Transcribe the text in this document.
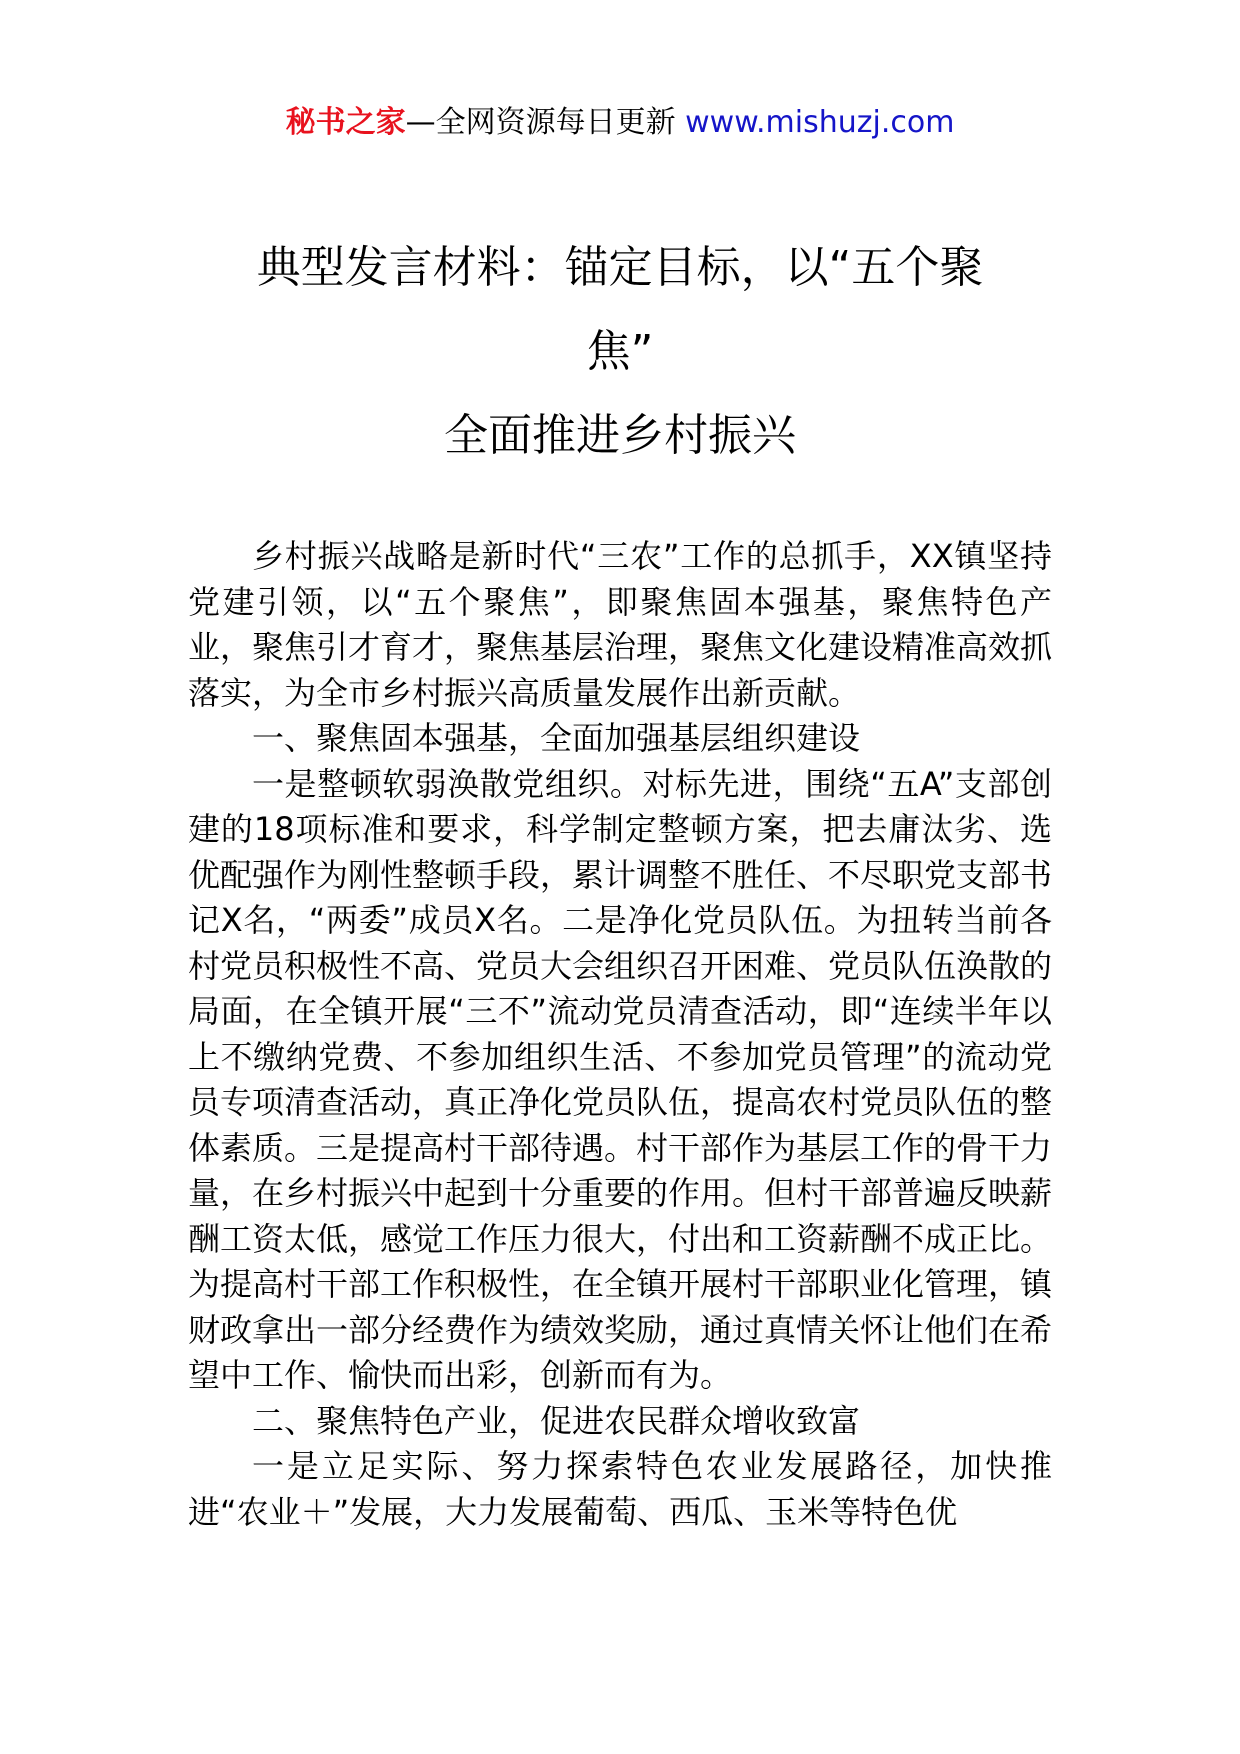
秘书之家—全网资源每日更新 www.mishuzj.com
典型发言材料：锚定目标，以“五个聚
焦”
全面推进乡村振兴

乡村振兴战略是新时代“三农”工作的总抓手，XX镇坚持党建引领，以“五个聚焦”，即聚焦固本强基，聚焦特色产业，聚焦引才育才，聚焦基层治理，聚焦文化建设精准高效抓落实，为全市乡村振兴高质量发展作出新贡献。

一、聚焦固本强基，全面加强基层组织建设

一是整顿软弱涣散党组织。对标先进，围绕“五A”支部创建的18项标准和要求，科学制定整顿方案，把去庸汰劣、选优配强作为刚性整顿手段，累计调整不胜任、不尽职党支部书记X名，“两委”成员X名。二是净化党员队伍。为扭转当前各村党员积极性不高、党员大会组织召开困难、党员队伍涣散的局面，在全镇开展“三不”流动党员清查活动，即“连续半年以上不缴纳党费、不参加组织生活、不参加党员管理”的流动党员专项清查活动，真正净化党员队伍，提高农村党员队伍的整体素质。三是提高村干部待遇。村干部作为基层工作的骨干力量，在乡村振兴中起到十分重要的作用。但村干部普遍反映薪酬工资太低，感觉工作压力很大，付出和工资薪酬不成正比。为提高村干部工作积极性，在全镇开展村干部职业化管理，镇财政拿出一部分经费作为绩效奖励，通过真情关怀让他们在希望中工作、愉快而出彩，创新而有为。

二、聚焦特色产业，促进农民群众增收致富

一是立足实际、努力探索特色农业发展路径，加快推进“农业＋”发展，大力发展葡萄、西瓜、玉米等特色优
